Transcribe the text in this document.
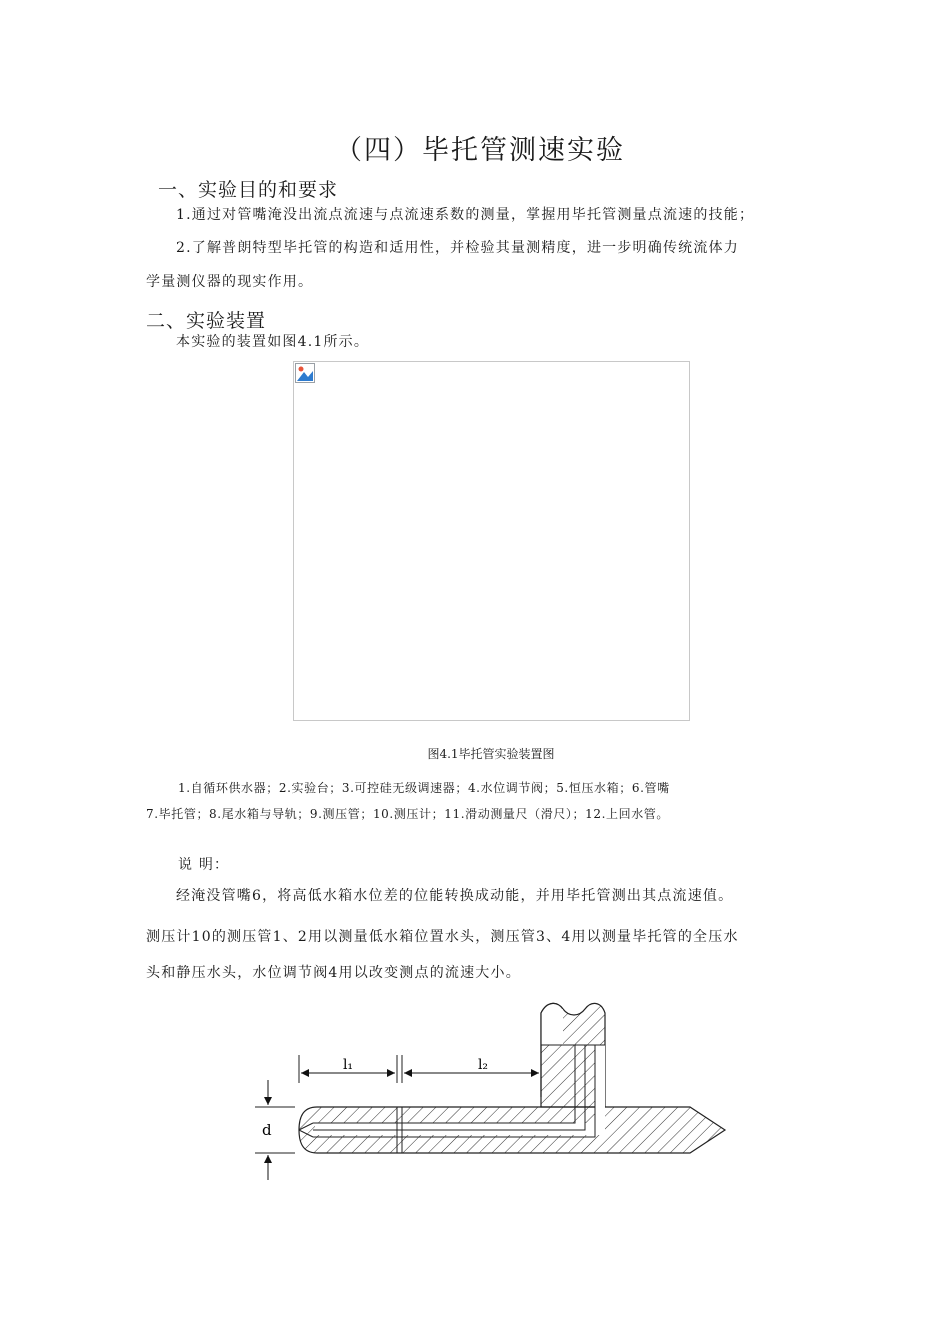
（四）毕托管测速实验
一、实验目的和要求
1.通过对管嘴淹没出流点流速与点流速系数的测量，掌握用毕托管测量点流速的技能；
2.了解普朗特型毕托管的构造和适用性，并检验其量测精度，进一步明确传统流体力
学量测仪器的现实作用。
二、实验装置
本实验的装置如图4.1所示。
图4.1毕托管实验装置图
1.自循环供水器；2.实验台；3.可控硅无级调速器；4.水位调节阀；5.恒压水箱；6.管嘴
7.毕托管；8.尾水箱与导轨；9.测压管；10.测压计；11.滑动测量尺（滑尺）；12.上回水管。
说 明：
经淹没管嘴6，将高低水箱水位差的位能转换成动能，并用毕托管测出其点流速值。
测压计10的测压管1、2用以测量低水箱位置水头，测压管3、4用以测量毕托管的全压水
头和静压水头，水位调节阀4用以改变测点的流速大小。
l₁	l₂
d
